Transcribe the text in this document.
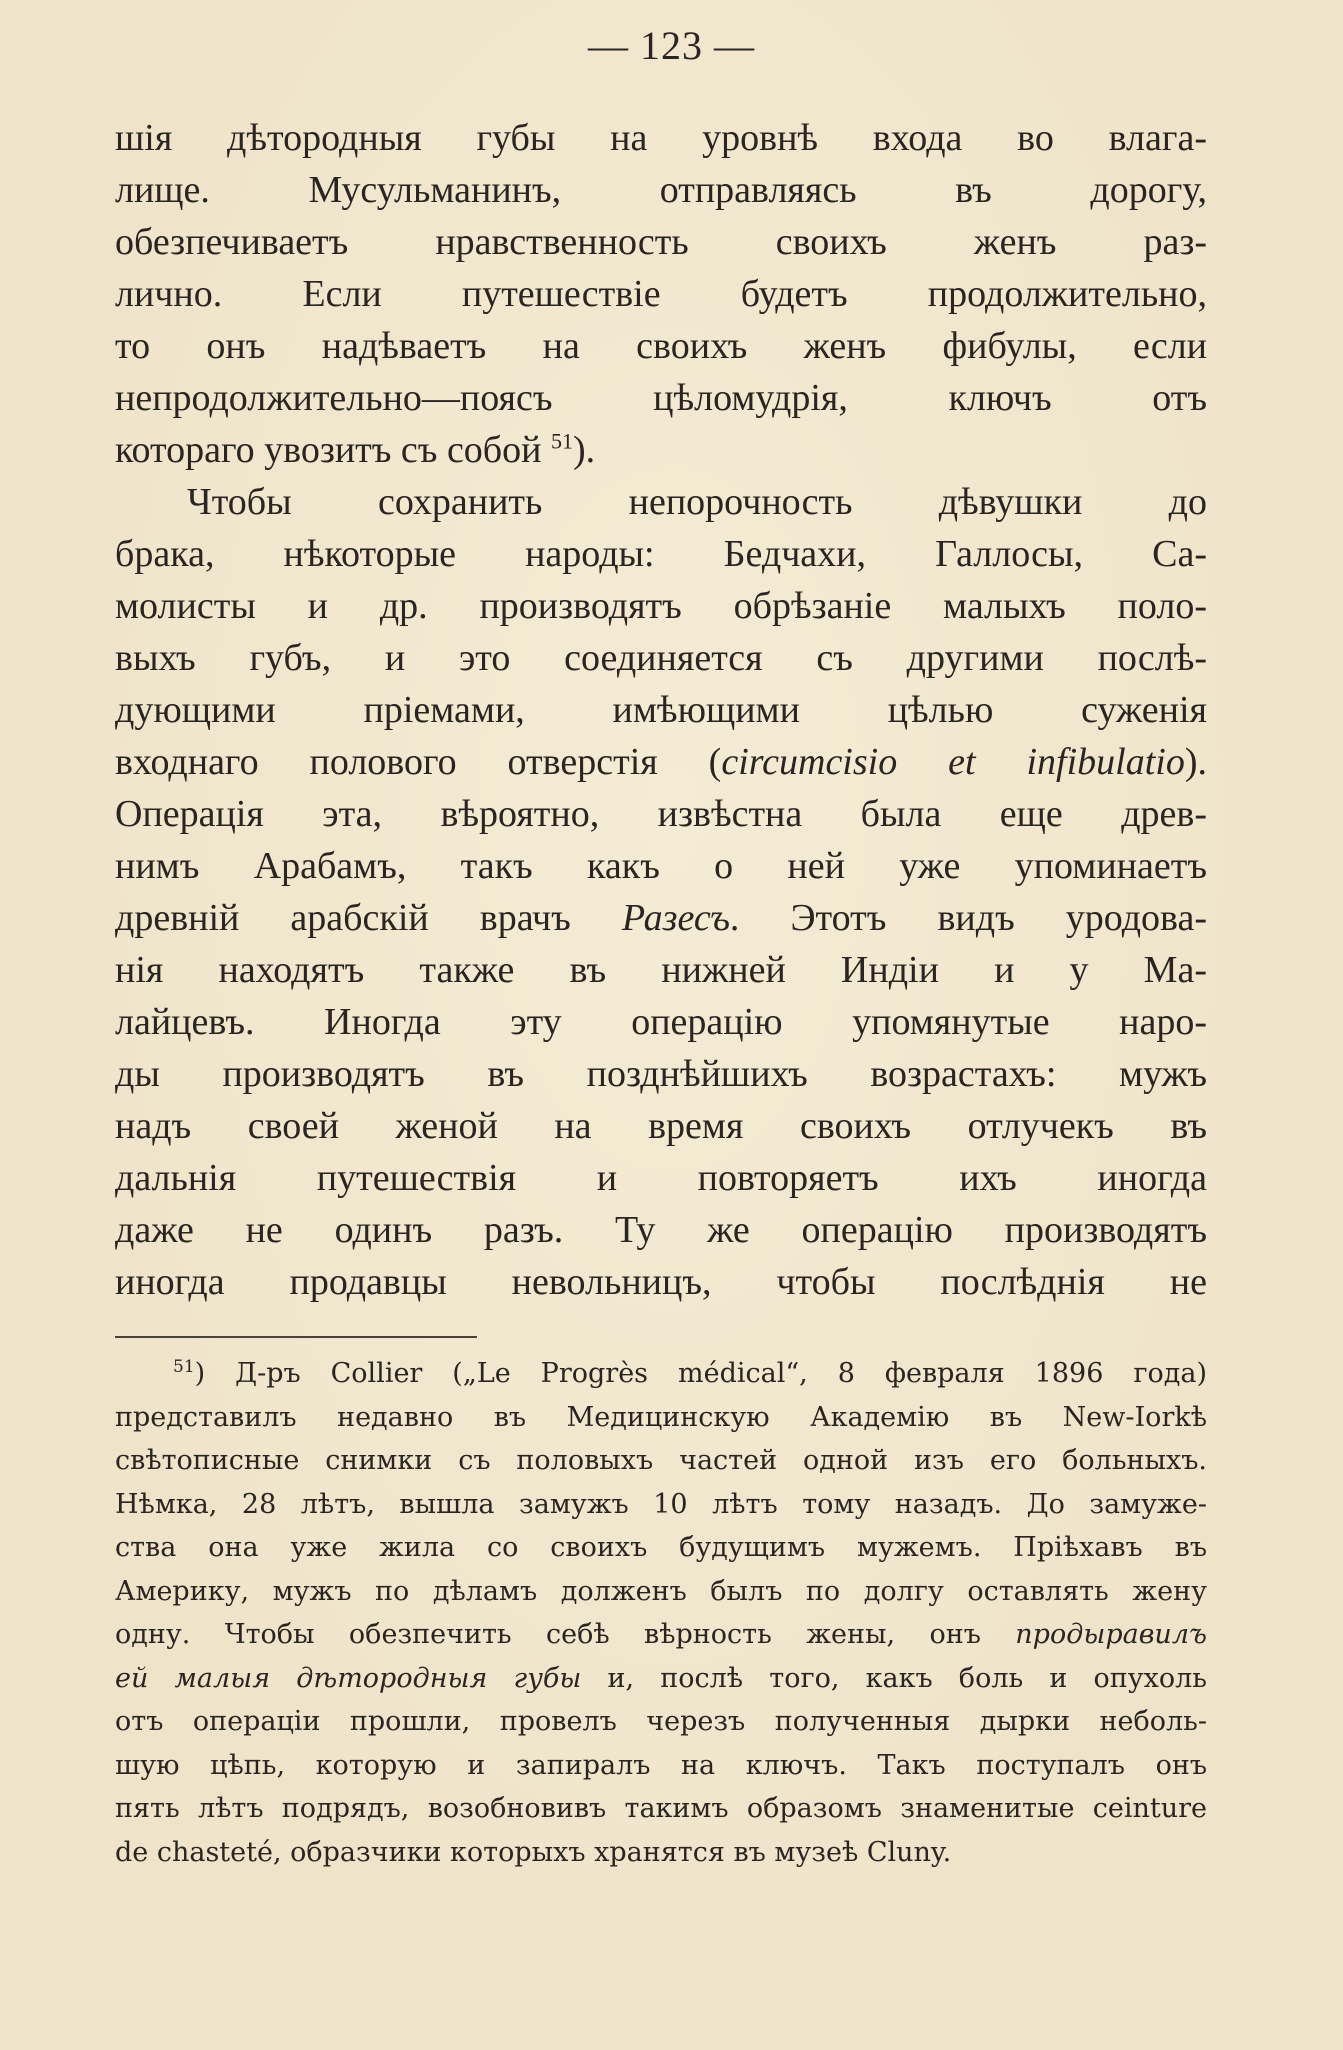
— 123 —
шія дѣтородныя губы на уровнѣ входа во влага-
лище. Мусульманинъ, отправляясь въ дорогу,
обезпечиваетъ нравственность своихъ женъ раз-
лично. Если путешествіе будетъ продолжительно,
то онъ надѣваетъ на своихъ женъ фибулы, если
непродолжительно—поясъ цѣломудрія, ключъ отъ
котораго увозитъ съ собой $^{51}$).
Чтобы сохранить непорочность дѣвушки до
брака, нѣкоторые народы: Бедчахи, Галлосы, Са-
молисты и др. производятъ обрѣзаніе малыхъ поло-
выхъ губъ, и это соединяется съ другими послѣ-
дующими пріемами, имѣющими цѣлью суженія
входнаго полового отверстія (circumcisio et infibulatio).
Операція эта, вѣроятно, извѣстна была еще древ-
нимъ Арабамъ, такъ какъ о ней уже упоминаетъ
древній арабскій врачъ Разесъ. Этотъ видъ уродова-
нія находятъ также въ нижней Индіи и у Ма-
лайцевъ. Иногда эту операцію упомянутые наро-
ды производятъ въ позднѣйшихъ возрастахъ: мужъ
надъ своей женой на время своихъ отлучекъ въ
дальнія путешествія и повторяетъ ихъ иногда
даже не одинъ разъ. Ту же операцію производятъ
иногда продавцы невольницъ, чтобы послѣднія не
$^{51}$) Д-ръ Collier („Le Progrès médical“, 8 февраля 1896 года)
представилъ недавно въ Медицинскую Академію въ New-Iorkѣ
свѣтописные снимки съ половыхъ частей одной изъ его больныхъ.
Нѣмка, 28 лѣтъ, вышла замужъ 10 лѣтъ тому назадъ. До замуже-
ства она уже жила со своихъ будущимъ мужемъ. Пріѣхавъ въ
Америку, мужъ по дѣламъ долженъ былъ по долгу оставлять жену
одну. Чтобы обезпечить себѣ вѣрность жены, онъ продыравилъ
ей малыя дѣтородныя губы и, послѣ того, какъ боль и опухоль
отъ операціи прошли, провелъ черезъ полученныя дырки неболь-
шую цѣпь, которую и запиралъ на ключъ. Такъ поступалъ онъ
пять лѣтъ подрядъ, возобновивъ такимъ образомъ знаменитые ceinture
de chasteté, образчики которыхъ хранятся въ музеѣ Cluny.
